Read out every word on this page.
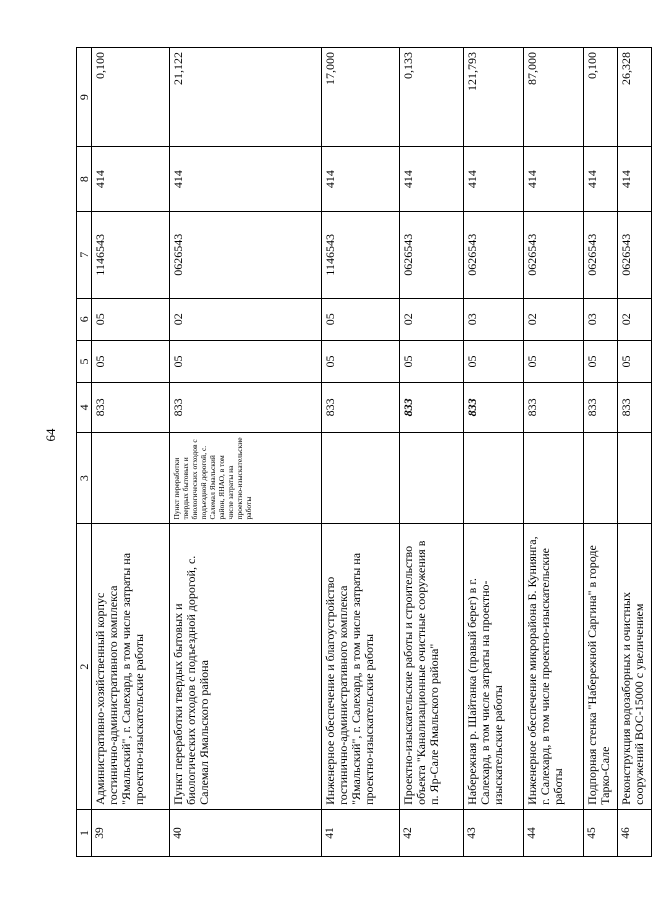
64
1	2	3	4	5	6	7	8	9
39	Административно-хозяйственный корпус гостинично-административного комплекса "Ямальский", г. Салехард, в том числе затраты на проектно-изыскательские работы		833	05	05	1146543	414	0,100
40	Пункт переработки твердых бытовых и биологических отходов с подъездной дорогой, с. Салемал Ямальского района	Пункт переработки твердых бытовых и биологических отходов с подъездной дорогой, с. Салемал Ямальский район, ЯНАО, в том числе затраты на проектно-изыскательские работы	833	05	02	0626543	414	21,122
41	Инженерное обеспечение и благоустройство гостинично-административного комплекса "Ямальский", г. Салехард, в том числе затраты на проектно-изыскательские работы		833	05	05	1146543	414	17,000
42	Проектно-изыскательские работы и строительство объекта "Канализационные очистные сооружения в п. Яр-Сале Ямальского района"		833	05	02	0626543	414	0,133
43	Набережная р. Шайтанка (правый берег) в г. Салехард, в том числе затраты на проектно-изыскательские работы		833	05	03	0626543	414	121,793
44	Инженерное обеспечение микрорайона Б. Куниянга, г. Салехард, в том числе проектно-изыскательские работы		833	05	02	0626543	414	87,000
45	Подпорная стенка "Набережной Саргина" в городе Тарко-Сале		833	05	03	0626543	414	0,100
46	Реконструкция водозаборных и очистных сооружений ВОС-15000 с увеличением		833	05	02	0626543	414	26,328
